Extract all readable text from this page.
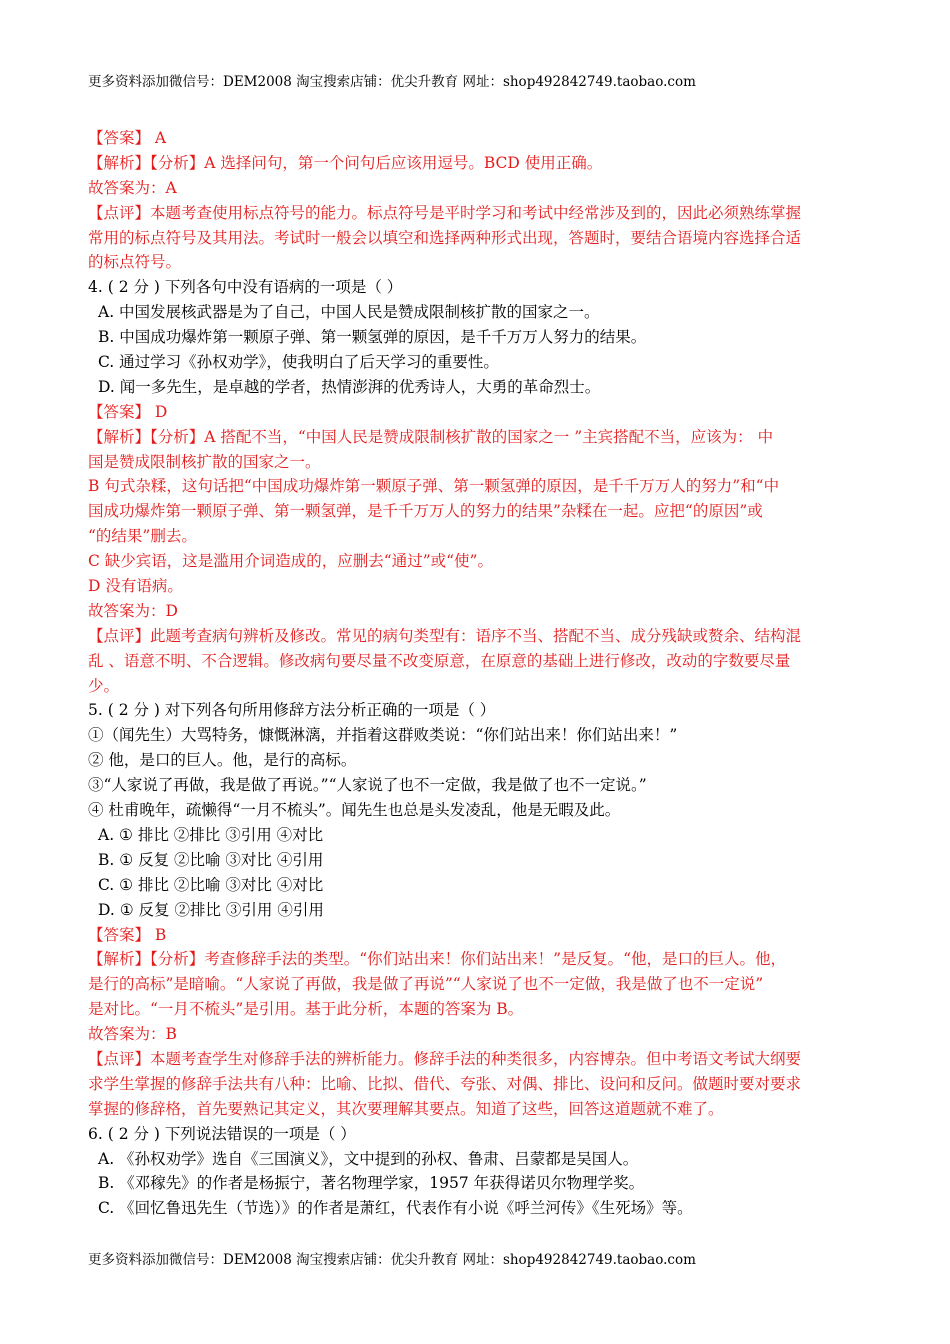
更多资料添加微信号：DEM2008 淘宝搜索店铺：优尖升教育 网址：shop492842749.taobao.com
【答案】 A
【解析】【分析】A 选择问句，第一个问句后应该用逗号。BCD 使用正确。
故答案为：A
【点评】本题考查使用标点符号的能力。标点符号是平时学习和考试中经常涉及到的，因此必须熟练掌握
常用的标点符号及其用法。考试时一般会以填空和选择两种形式出现，答题时，要结合语境内容选择合适
的标点符号。
4. ( 2 分 ) 下列各句中没有语病的一项是（ ）
A. 中国发展核武器是为了自己，中国人民是赞成限制核扩散的国家之一。
B. 中国成功爆炸第一颗原子弹、第一颗氢弹的原因，是千千万万人努力的结果。
C. 通过学习《孙权劝学》，使我明白了后天学习的重要性。
D. 闻一多先生，是卓越的学者，热情澎湃的优秀诗人，大勇的革命烈士。
【答案】 D
【解析】【分析】A 搭配不当，“中国人民是赞成限制核扩散的国家之一 ”主宾搭配不当，应该为： 中
国是赞成限制核扩散的国家之一。
B 句式杂糅，这句话把“中国成功爆炸第一颗原子弹、第一颗氢弹的原因，是千千万万人的努力”和“中
国成功爆炸第一颗原子弹、第一颗氢弹，是千千万万人的努力的结果”杂糅在一起。应把“的原因”或
“的结果”删去。
C 缺少宾语，这是滥用介词造成的，应删去“通过”或“使”。
D 没有语病。
故答案为：D
【点评】此题考查病句辨析及修改。常见的病句类型有：语序不当、搭配不当、成分残缺或赘余、结构混
乱 、语意不明、不合逻辑。修改病句要尽量不改变原意，在原意的基础上进行修改，改动的字数要尽量
少。
5. ( 2 分 ) 对下列各句所用修辞方法分析正确的一项是（ ）
①（闻先生）大骂特务，慷慨淋漓，并指着这群败类说：“你们站出来！你们站出来！”
② 他，是口的巨人。他，是行的高标。
③“人家说了再做，我是做了再说。”“人家说了也不一定做，我是做了也不一定说。”
④ 杜甫晚年，疏懒得“一月不梳头”。闻先生也总是头发凌乱，他是无暇及此。
A. ① 排比 ②排比 ③引用 ④对比
B. ① 反复 ②比喻 ③对比 ④引用
C. ① 排比 ②比喻 ③对比 ④对比
D. ① 反复 ②排比 ③引用 ④引用
【答案】 B
【解析】【分析】考查修辞手法的类型。“你们站出来！你们站出来！”是反复。“他，是口的巨人。他，
是行的高标”是暗喻。“人家说了再做，我是做了再说”“人家说了也不一定做，我是做了也不一定说”
是对比。“一月不梳头”是引用。基于此分析，本题的答案为 B。
故答案为：B
【点评】本题考查学生对修辞手法的辨析能力。修辞手法的种类很多，内容博杂。但中考语文考试大纲要
求学生掌握的修辞手法共有八种：比喻、比拟、借代、夸张、对偶、排比、设问和反问。做题时要对要求
掌握的修辞格，首先要熟记其定义，其次要理解其要点。知道了这些，回答这道题就不难了。
6. ( 2 分 ) 下列说法错误的一项是（ ）
A. 《孙权劝学》选自《三国演义》，文中提到的孙权、鲁肃、吕蒙都是吴国人。
B. 《邓稼先》的作者是杨振宁，著名物理学家，1957 年获得诺贝尔物理学奖。
C. 《回忆鲁迅先生（节选）》的作者是萧红，代表作有小说《呼兰河传》《生死场》等。
更多资料添加微信号：DEM2008 淘宝搜索店铺：优尖升教育 网址：shop492842749.taobao.com
